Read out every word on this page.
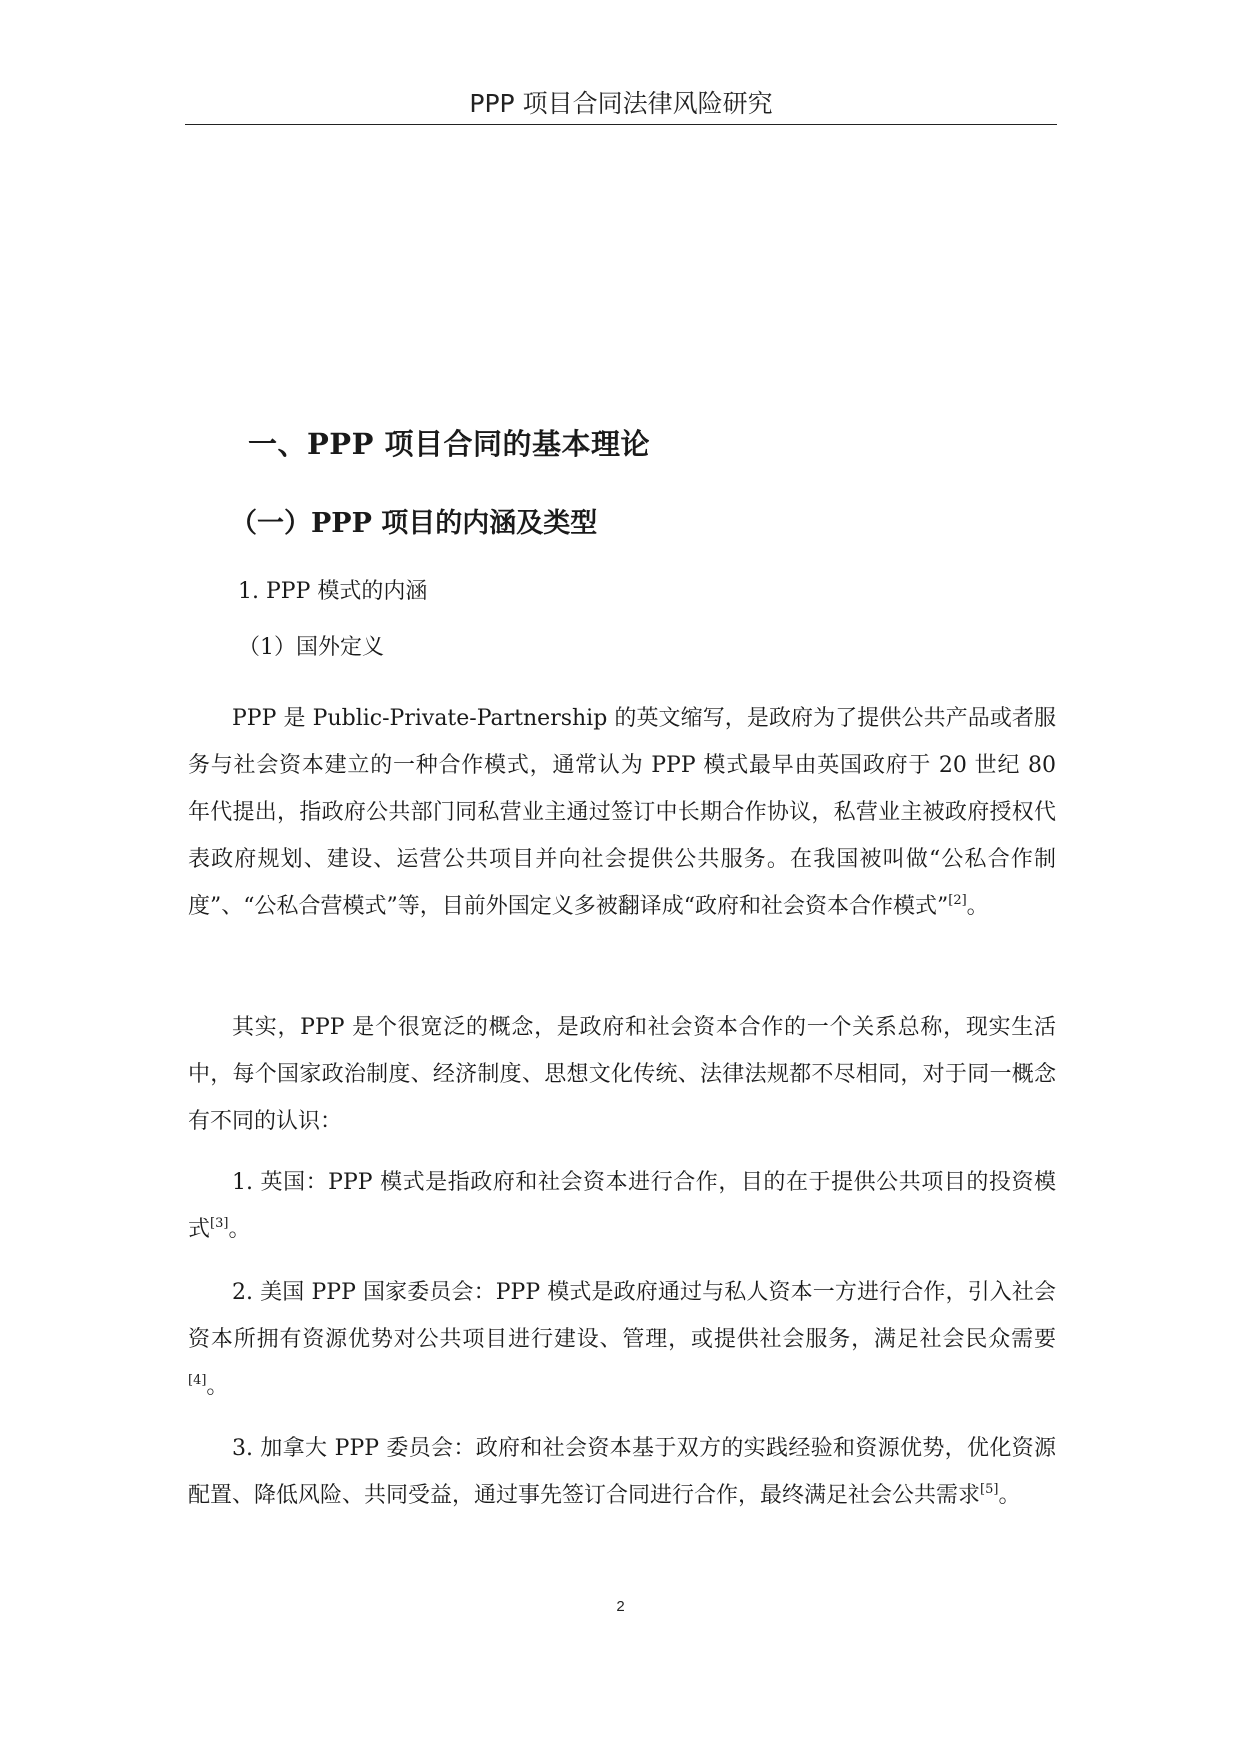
PPP 项目合同法律风险研究
一、PPP 项目合同的基本理论
（一）PPP 项目的内涵及类型
1. PPP 模式的内涵
（1）国外定义

PPP 是 Public-Private-Partnership 的英文缩写，是政府为了提供公共产品或者服务与社会资本建立的一种合作模式，通常认为 PPP 模式最早由英国政府于 20 世纪 80 年代提出，指政府公共部门同私营业主通过签订中长期合作协议，私营业主被政府授权代表政府规划、建设、运营公共项目并向社会提供公共服务。在我国被叫做“公私合作制度”、“公私合营模式”等，目前外国定义多被翻译成“政府和社会资本合作模式”[2]。

其实，PPP 是个很宽泛的概念，是政府和社会资本合作的一个关系总称，现实生活中，每个国家政治制度、经济制度、思想文化传统、法律法规都不尽相同，对于同一概念有不同的认识：

1. 英国：PPP 模式是指政府和社会资本进行合作，目的在于提供公共项目的投资模式[3]。

2. 美国 PPP 国家委员会：PPP 模式是政府通过与私人资本一方进行合作，引入社会资本所拥有资源优势对公共项目进行建设、管理，或提供社会服务，满足社会民众需要[4]。

3. 加拿大 PPP 委员会：政府和社会资本基于双方的实践经验和资源优势，优化资源配置、降低风险、共同受益，通过事先签订合同进行合作，最终满足社会公共需求[5]。

2
